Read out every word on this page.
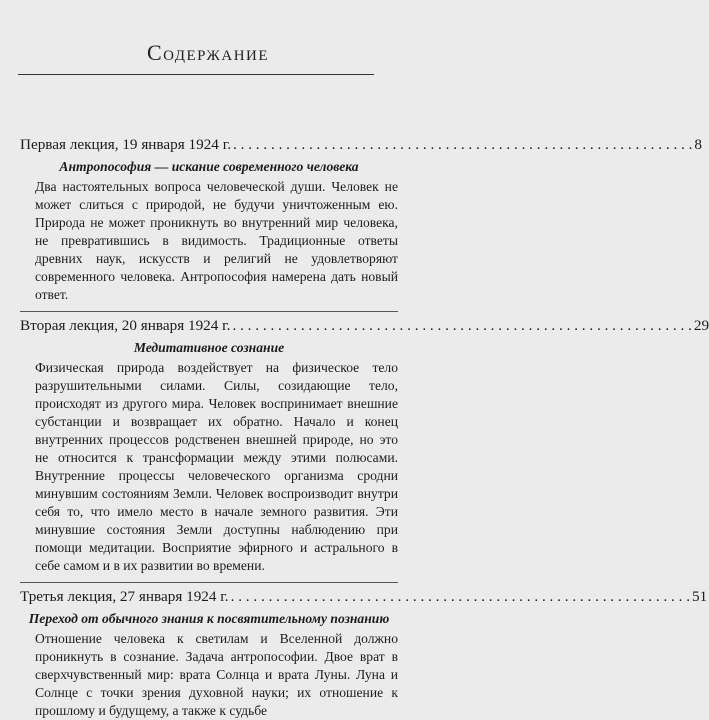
Содержание
Первая лекция, 19 января 1924 г. . . .	8
Антропософия — искание современного человека
Два настоятельных вопроса человеческой души. Человек не может слиться с природой, не будучи уничтоженным ею. Природа не может проникнуть во внутренний мир человека, не превратившись в видимость. Традиционные ответы древних наук, искусств и религий не удовлетворяют современного человека. Антропософия намерена дать новый ответ.
Вторая лекция, 20 января 1924 г. . . .	29
Медитативное сознание
Физическая природа воздействует на физическое тело разрушительными силами. Силы, созидающие тело, происходят из другого мира. Человек воспринимает внешние субстанции и возвращает их обратно. Начало и конец внутренних процессов родственен внешней природе, но это не относится к трансформации между этими полюсами. Внутренние процессы человеческого организма сродни минувшим состояниям Земли. Человек воспроизводит внутри себя то, что имело место в начале земного развития. Эти минувшие состояния Земли доступны наблюдению при помощи медитации. Восприятие эфирного и астрального в себе самом и в их развитии во времени.
Третья лекция, 27 января 1924 г. . . .	51
Переход от обычного знания к посвятительному познанию
Отношение человека к светилам и Вселенной должно проникнуть в сознание. Задача антропософии. Двое врат в сверхчувственный мир: врата Солнца и врата Луны. Луна и Солнце с точки зрения духовной науки; их отношение к прошлому и будущему, а также к судьбе
